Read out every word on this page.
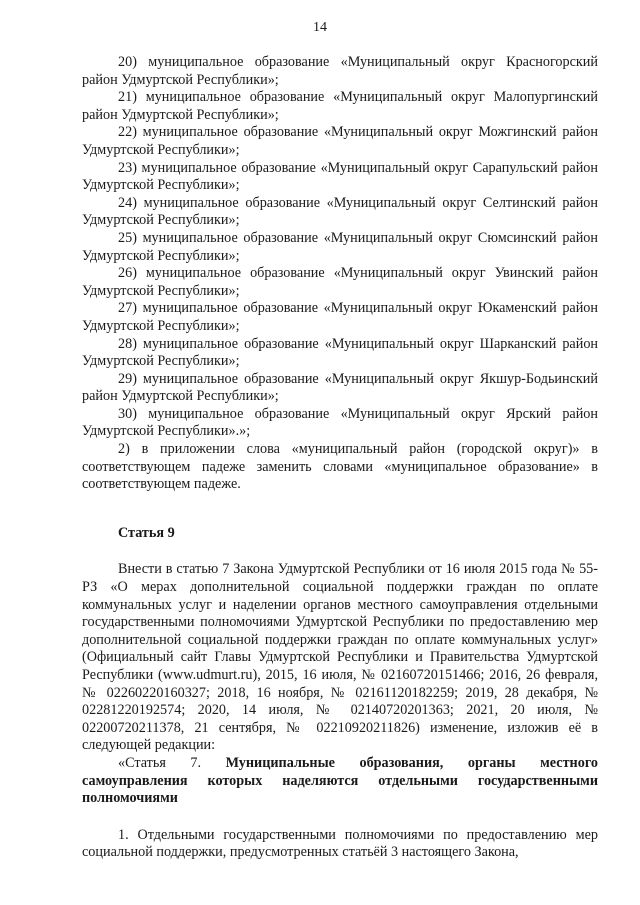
14

20) муниципальное образование «Муниципальный округ Красногорский район Удмуртской Республики»;

21) муниципальное образование «Муниципальный округ Малопургинский район Удмуртской Республики»;

22) муниципальное образование «Муниципальный округ Можгинский район Удмуртской Республики»;

23) муниципальное образование «Муниципальный округ Сарапульский район Удмуртской Республики»;

24) муниципальное образование «Муниципальный округ Селтинский район Удмуртской Республики»;

25) муниципальное образование «Муниципальный округ Сюмсинский район Удмуртской Республики»;

26) муниципальное образование «Муниципальный округ Увинский район Удмуртской Республики»;

27) муниципальное образование «Муниципальный округ Юкаменский район Удмуртской Республики»;

28) муниципальное образование «Муниципальный округ Шарканский район Удмуртской Республики»;

29) муниципальное образование «Муниципальный округ Якшур-Бодьинский район Удмуртской Республики»;

30) муниципальное образование «Муниципальный округ Ярский район Удмуртской Республики».»;

2) в приложении слова «муниципальный район (городской округ)» в соответствующем падеже заменить словами «муниципальное образование» в соответствующем падеже.

Статья 9

Внести в статью 7 Закона Удмуртской Республики от 16 июля 2015 года № 55-РЗ «О мерах дополнительной социальной поддержки граждан по оплате коммунальных услуг и наделении органов местного самоуправления отдельными государственными полномочиями Удмуртской Республики по предоставлению мер дополнительной социальной поддержки граждан по оплате коммунальных услуг» (Официальный сайт Главы Удмуртской Республики и Правительства Удмуртской Республики (www.udmurt.ru), 2015, 16 июля, № 02160720151466; 2016, 26 февраля, № 02260220160327; 2018, 16 ноября, № 02161120182259; 2019, 28 декабря, № 02281220192574; 2020, 14 июля, № 02140720201363; 2021, 20 июля, № 02200720211378, 21 сентября, № 02210920211826) изменение, изложив её в следующей редакции:

«Статья 7. Муниципальные образования, органы местного самоуправления которых наделяются отдельными государственными полномочиями

1. Отдельными государственными полномочиями по предоставлению мер социальной поддержки, предусмотренных статьёй 3 настоящего Закона,
